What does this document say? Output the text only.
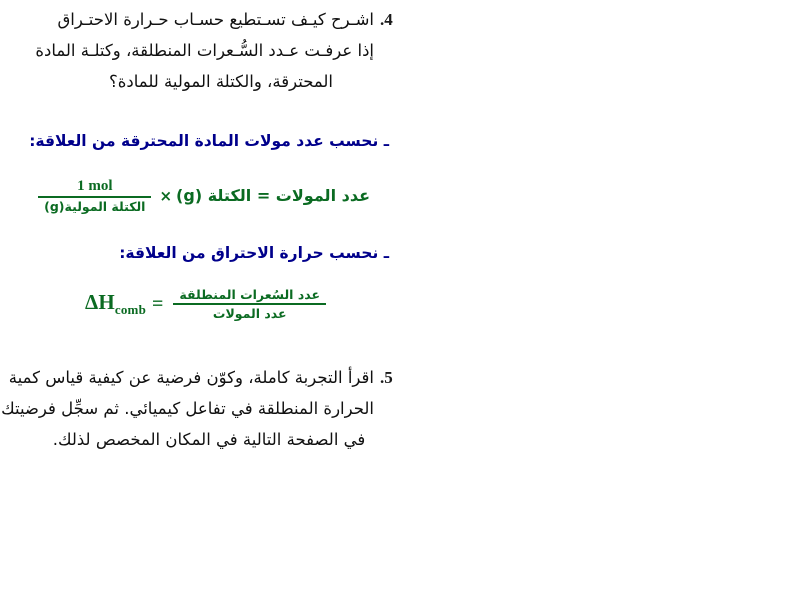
4.
اشـرح كيـف تسـتطيع حسـاب حـرارة الاحتـراق
إذا عرفـت عـدد السُّـعرات المنطلقة، وكتلـة المادة
المحترقة، والكتلة المولية للمادة؟
ـ نحسب عدد مولات المادة المحترقة من العلاقة:
$\frac{\text{1 mol}}{\text{الكتلة المولية(g)}}$ × عدد المولات = الكتلة (g)
ـ نحسب حرارة الاحتراق من العلاقة:
$\Delta H_{comb} = \frac{\text{عدد السُعرات المنطلقة}}{\text{عدد المولات}}$
5.
اقرأ التجربة كاملة، وكوّن فرضية عن كيفية قياس كمية
الحرارة المنطلقة في تفاعل كيميائي. ثم سجِّل فرضيتك
في الصفحة التالية في المكان المخصص لذلك.
